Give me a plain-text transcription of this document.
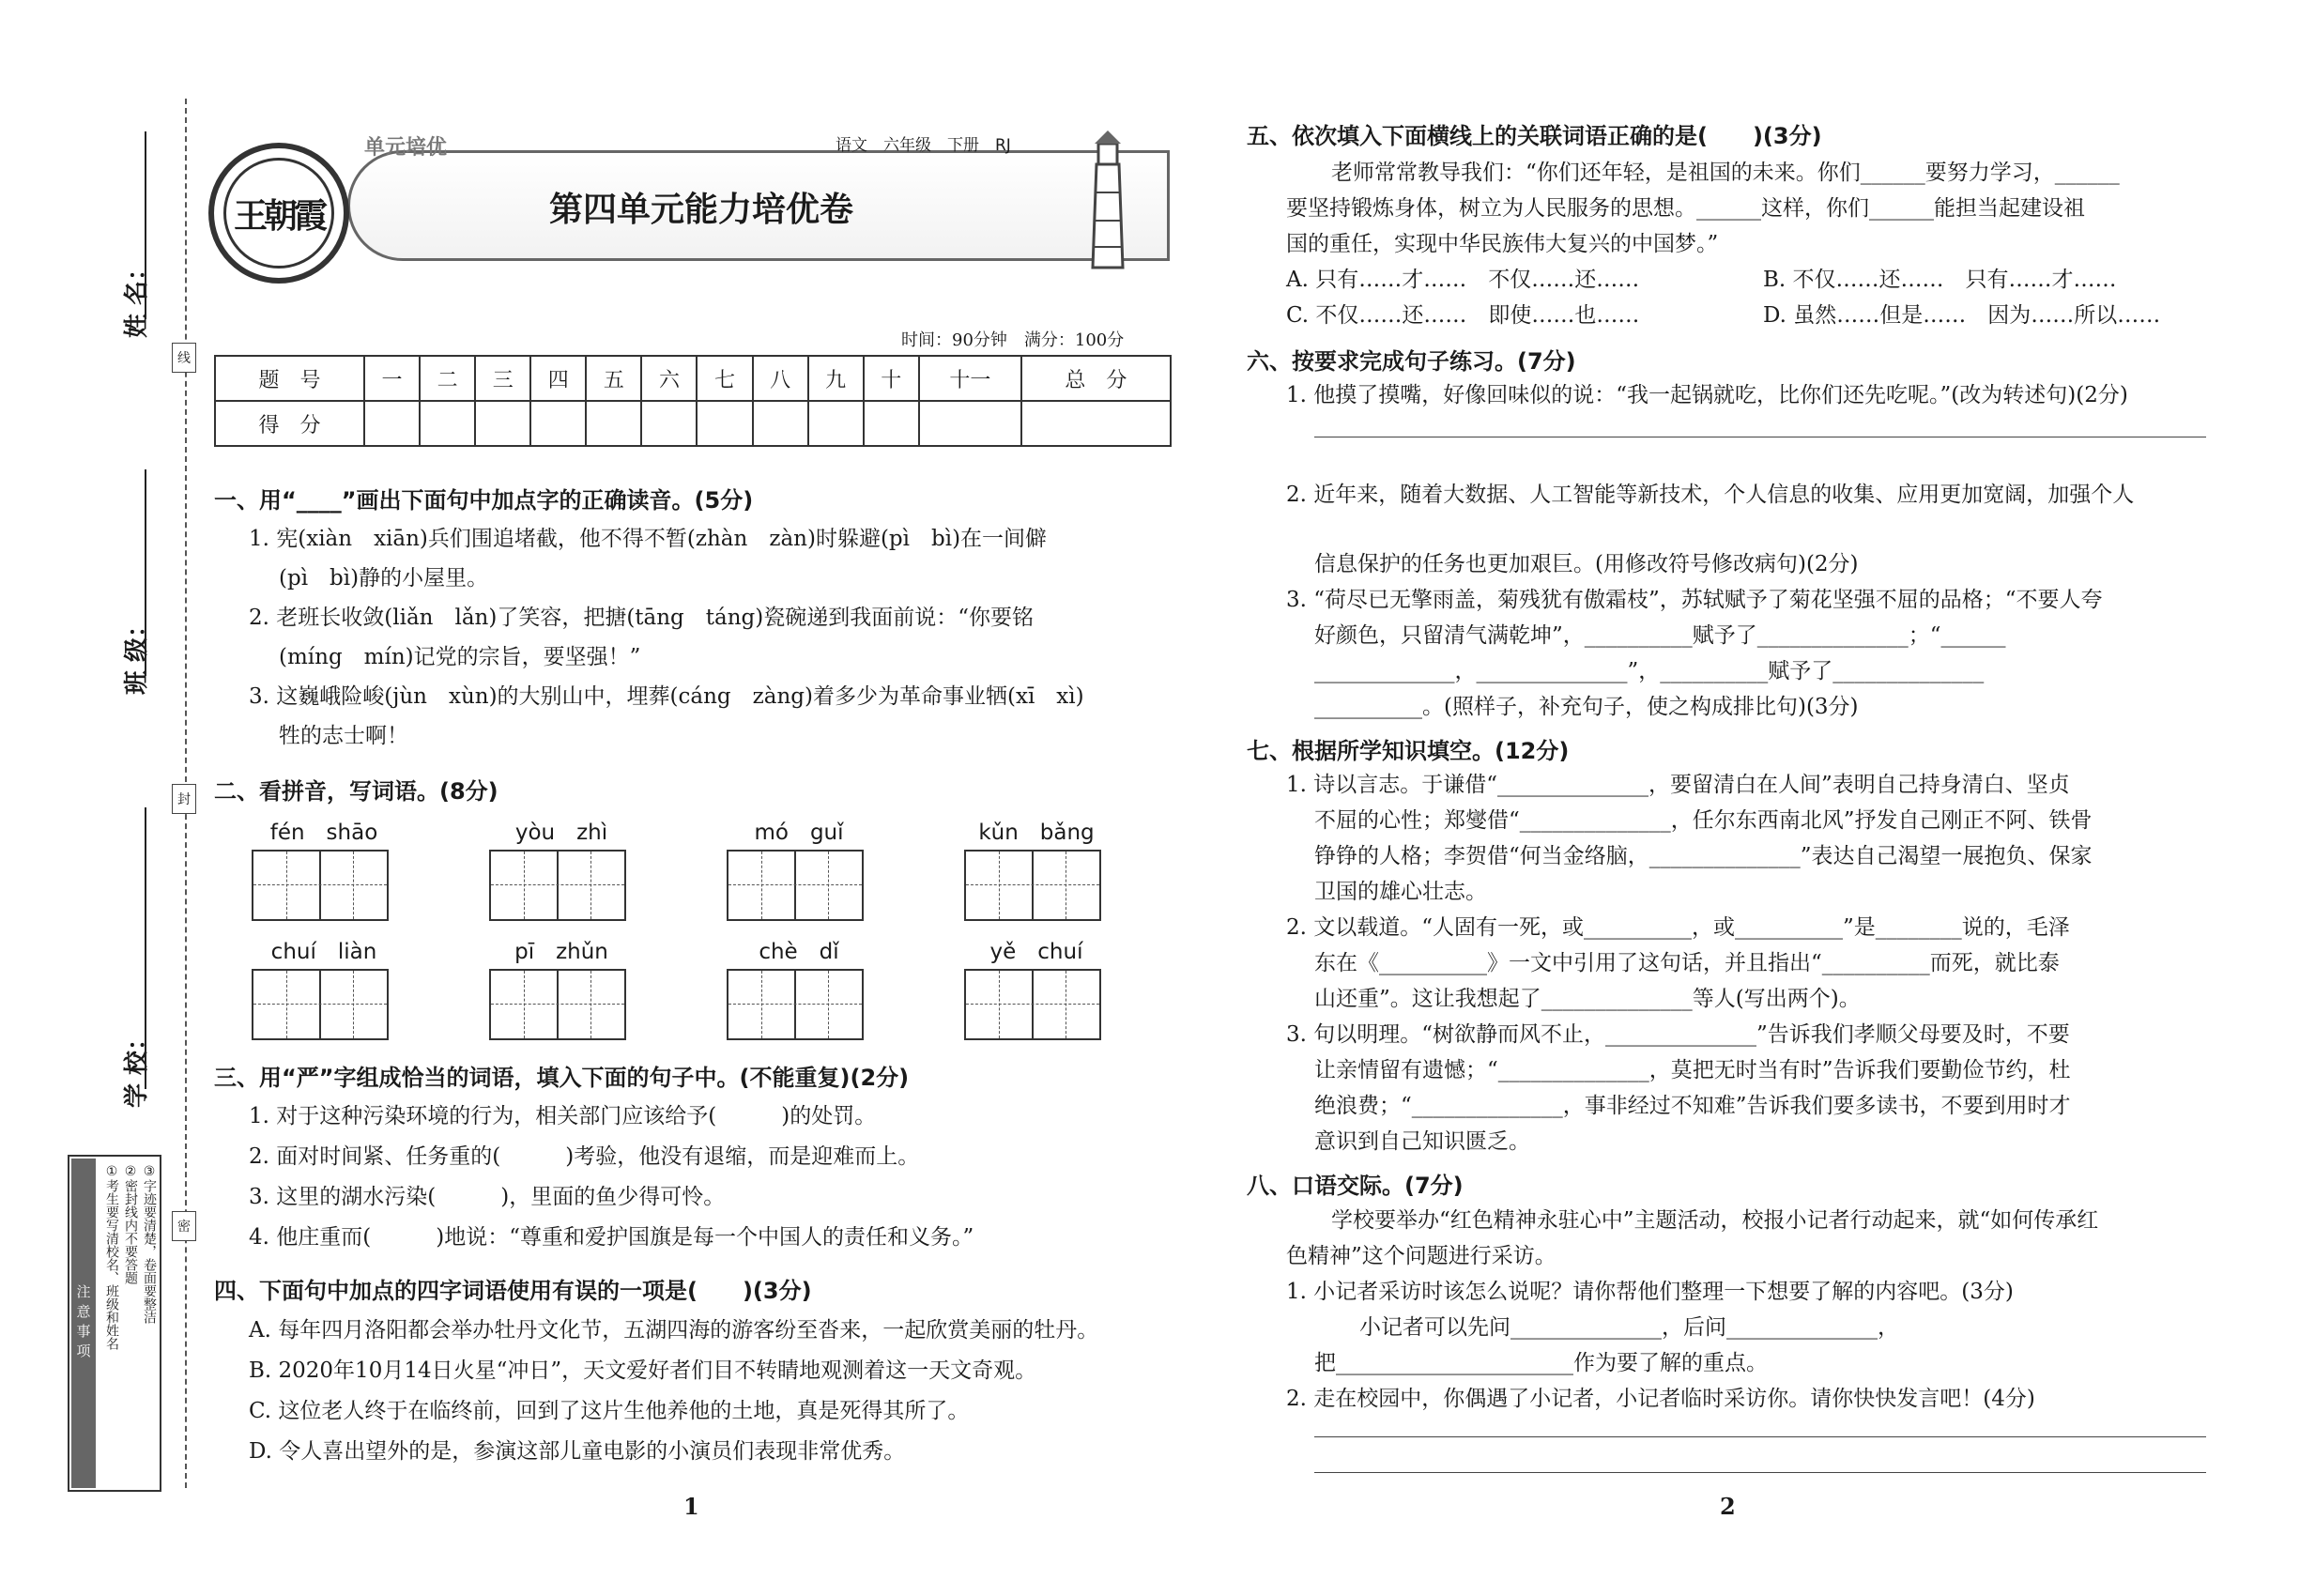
线
封
密
姓 名：
班 级：
学 校：
注意事项 ①考生要写清校名、班级和姓名 ②密封线内不要答题 ③字迹要清楚，卷面要整洁
王朝霞
单元培优	语文　六年级　下册　RJ
第四单元能力培优卷
时间：90分钟　满分：100分
题　号	一	二	三	四	五	六	七	八	九	十	十一	总　分
得　分												
一、用“____”画出下面句中加点字的正确读音。(5分)
1. 宪(xiàn　xiān)兵们围追堵截，他不得不暂(zhàn　zàn)时躲避(pì　bì)在一间僻
(pì　bì)静的小屋里。
2. 老班长收敛(liǎn　lǎn)了笑容，把搪(tāng　táng)瓷碗递到我面前说：“你要铭
(míng　mín)记党的宗旨，要坚强！”
3. 这巍峨险峻(jùn　xùn)的大别山中，埋葬(cáng　zàng)着多少为革命事业牺(xī　xì)
牲的志士啊！
二、看拼音，写词语。(8分)
fén　shāo	yòu　zhì	mó　guǐ	kǔn　bǎng
chuí　liàn	pī　zhǔn	chè　dǐ	yě　chuí
三、用“严”字组成恰当的词语，填入下面的句子中。(不能重复)(2分)
1. 对于这种污染环境的行为，相关部门应该给予(　　　)的处罚。
2. 面对时间紧、任务重的(　　　)考验，他没有退缩，而是迎难而上。
3. 这里的湖水污染(　　　)，里面的鱼少得可怜。
4. 他庄重而(　　　)地说：“尊重和爱护国旗是每一个中国人的责任和义务。”
四、下面句中加点的四字词语使用有误的一项是(　　)(3分)
A. 每年四月洛阳都会举办牡丹文化节，五湖四海的游客纷至沓来，一起欣赏美丽的牡丹。
B. 2020年10月14日火星“冲日”，天文爱好者们目不转睛地观测着这一天文奇观。
C. 这位老人终于在临终前，回到了这片生他养他的土地，真是死得其所了。
D. 令人喜出望外的是，参演这部儿童电影的小演员们表现非常优秀。
1
五、依次填入下面横线上的关联词语正确的是(　　)(3分)
老师常常教导我们：“你们还年轻，是祖国的未来。你们______要努力学习，______
要坚持锻炼身体，树立为人民服务的思想。______这样，你们______能担当起建设祖
国的重任，实现中华民族伟大复兴的中国梦。”
A. 只有……才……　不仅……还……	B. 不仅……还……　只有……才……
C. 不仅……还……　即使……也……	D. 虽然……但是……　因为……所以……
六、按要求完成句子练习。(7分)
1. 他摸了摸嘴，好像回味似的说：“我一起锅就吃，比你们还先吃呢。”(改为转述句)(2分)
2. 近年来，随着大数据、人工智能等新技术，个人信息的收集、应用更加宽阔，加强个人
信息保护的任务也更加艰巨。(用修改符号修改病句)(2分)
3. “荷尽已无擎雨盖，菊残犹有傲霜枝”，苏轼赋予了菊花坚强不屈的品格；“不要人夸
好颜色，只留清气满乾坤”，__________赋予了______________；“______
_____________，______________”，__________赋予了______________
__________。(照样子，补充句子，使之构成排比句)(3分)
七、根据所学知识填空。(12分)
1. 诗以言志。于谦借“______________，要留清白在人间”表明自己持身清白、坚贞
不屈的心性；郑燮借“______________，任尔东西南北风”抒发自己刚正不阿、铁骨
铮铮的人格；李贺借“何当金络脑，______________”表达自己渴望一展抱负、保家
卫国的雄心壮志。
2. 文以载道。“人固有一死，或__________，或__________”是________说的，毛泽
东在《__________》一文中引用了这句话，并且指出“__________而死，就比泰
山还重”。这让我想起了______________等人(写出两个)。
3. 句以明理。“树欲静而风不止，______________”告诉我们孝顺父母要及时，不要
让亲情留有遗憾；“______________，莫把无时当有时”告诉我们要勤俭节约，杜
绝浪费；“______________，事非经过不知难”告诉我们要多读书，不要到用时才
意识到自己知识匮乏。
八、口语交际。(7分)
学校要举办“红色精神永驻心中”主题活动，校报小记者行动起来，就“如何传承红
色精神”这个问题进行采访。
1. 小记者采访时该怎么说呢？请你帮他们整理一下想要了解的内容吧。(3分)
小记者可以先问______________，后问______________，
把______________________作为要了解的重点。
2. 走在校园中，你偶遇了小记者，小记者临时采访你。请你快快发言吧！(4分)
2
